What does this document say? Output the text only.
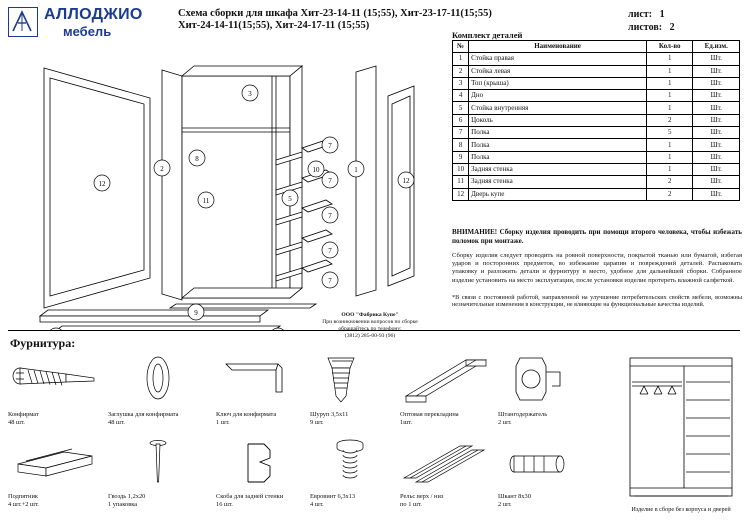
АЛЛОДЖИО
мебель
Схема сборки для шкафа Хит-23-14-11 (15;55), Хит-23-17-11(15;55)
Хит-24-14-11(15;55), Хит-24-17-11 (15;55)
лист: 1
листов: 2
Комплект деталей
№	Наименование	Кол-во	Ед.изм.
1	Стойка правая	1	Шт.
2	Стойка левая	1	Шт.
3	Топ (крыша)	1	Шт.
4	Дно	1	Шт.
5	Стойка внутренняя	1	Шт.
6	Цоколь	2	Шт.
7	Полка	5	Шт.
8	Полка	1	Шт.
9	Полка	1	Шт.
10	Задняя стенка	1	Шт.
11	Задняя стенка	2	Шт.
12	Дверь купе	2	Шт.
ВНИМАНИЕ! Сборку изделия проводить при помощи второго человека, чтобы избежать поломок при монтаже.
Сборку изделия следует проводить на ровной поверхности, покрытой тканью или бумагой, избегая ударов и посторонних предметов, во избежание царапин и повреждений деталей. Распаковать упаковку и разложить детали и фурнитуру в место, удобное для дальнейшей сборки. Собранное изделие установить на место эксплуатации, после установки изделие протереть влажной салфеткой.
*В связи с постоянной работой, направленной на улучшение потребительских свойств мебели, возможны незначительные изменения в конструкции, не влияющие на функциональные качества изделий.
12
2
3
11
8
5
10	1
7
7
7
7
7
12
9	ООО "Фабрика Купе"
При возникновении вопросов по сборке
обращайтесь по телефону:
(3812) 285-00-93 (96)
Фурнитура:
Конфирмат
48 шт.
Заглушка для конфирмата
48 шт.
Ключ для конфирмата
1 шт.
Шуруп 3,5х11
9 шт.
Оптовая перекладина
1шт.
Штангодержатель
2 шт.
Подпятник
4 шт.+2 шт.
Гвоздь 1,2х20
1 упаковка
Скоба для задней стенки
16 шт.
Евровинт 6,3х13
4 шт.
Рельс верх / низ
по 1 шт.
Шкант 8х30
2 шт.
Изделие в сборе без корпуса и дверей
